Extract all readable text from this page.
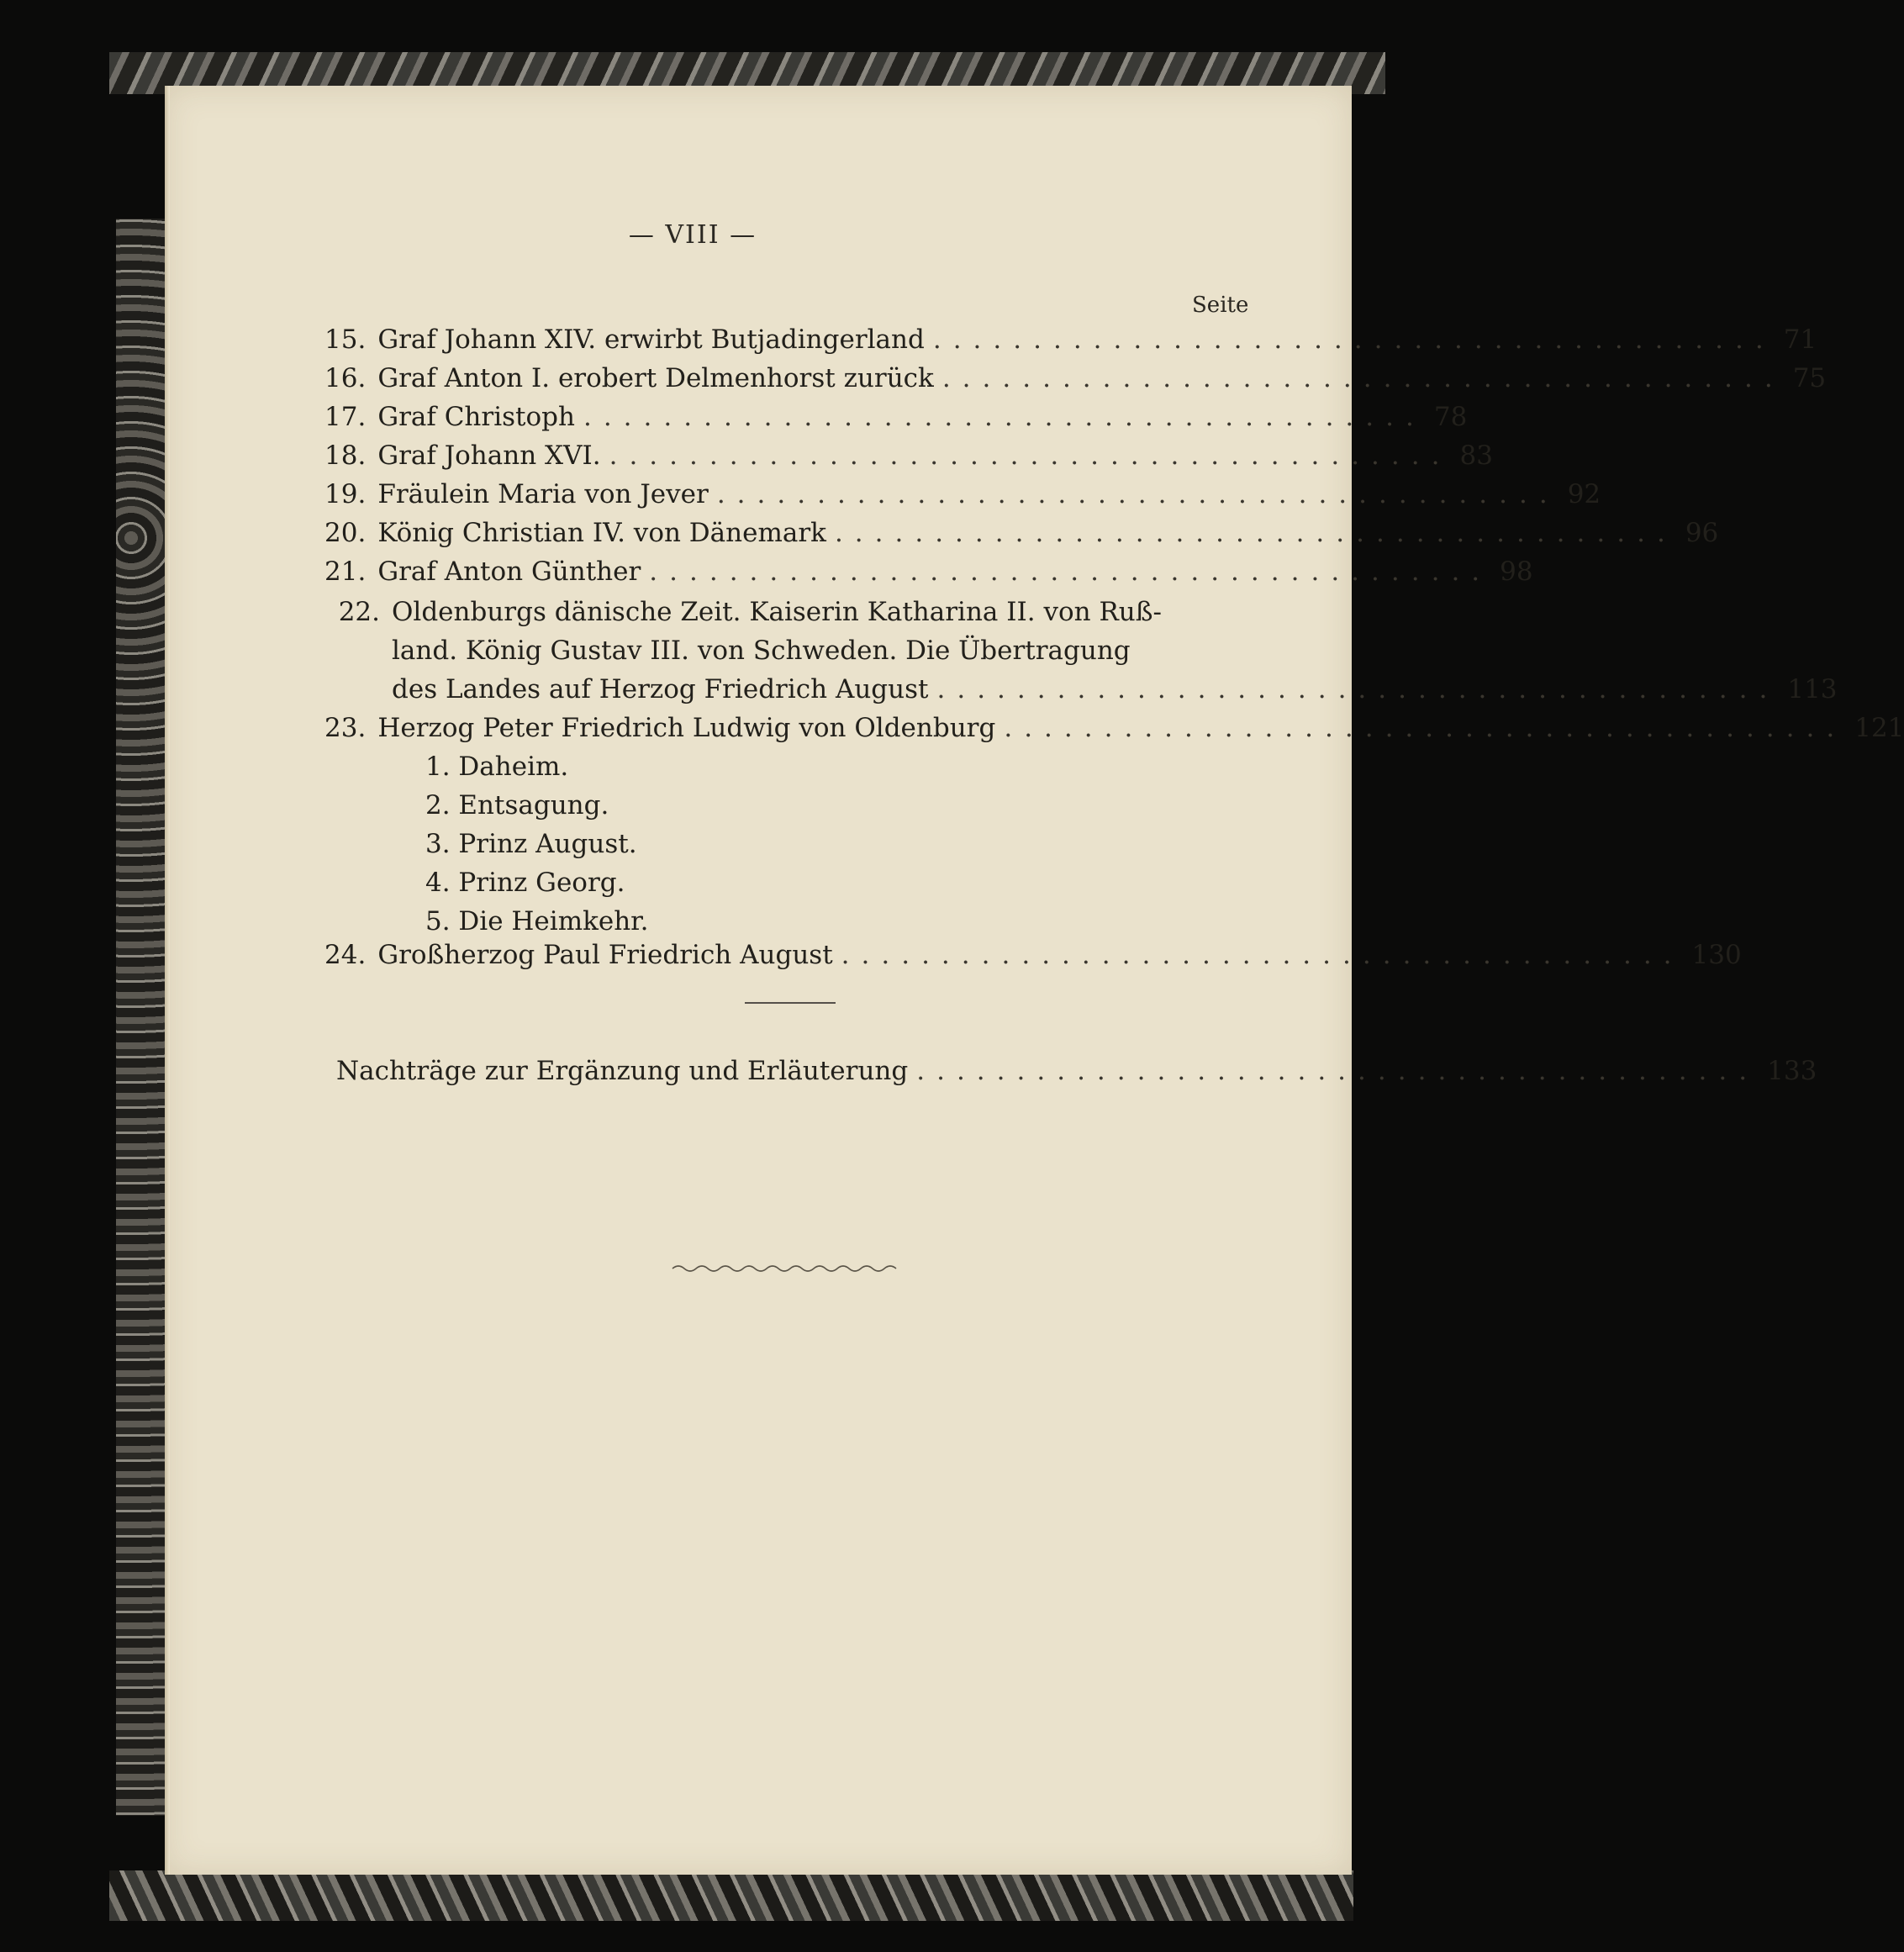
— VIII —
Seite
15. Graf Johann XIV. erwirbt Butjadingerland .......................................... 71
16. Graf Anton I. erobert Delmenhorst zurück .......................................... 75
17. Graf Christoph .......................................... 78
18. Graf Johann XVI. .......................................... 83
19. Fräulein Maria von Jever .......................................... 92
20. König Christian IV. von Dänemark .......................................... 96
21. Graf Anton Günther .......................................... 98
22. Oldenburgs dänische Zeit. Kaiserin Katharina II. von Ruß-
land. König Gustav III. von Schweden. Die Übertragung
des Landes auf Herzog Friedrich August .......................................... 113
23. Herzog Peter Friedrich Ludwig von Oldenburg .......................................... 121
1. Daheim.
2. Entsagung.
3. Prinz August.
4. Prinz Georg.
5. Die Heimkehr.
24. Großherzog Paul Friedrich August .......................................... 130
Nachträge zur Ergänzung und Erläuterung .......................................... 133
